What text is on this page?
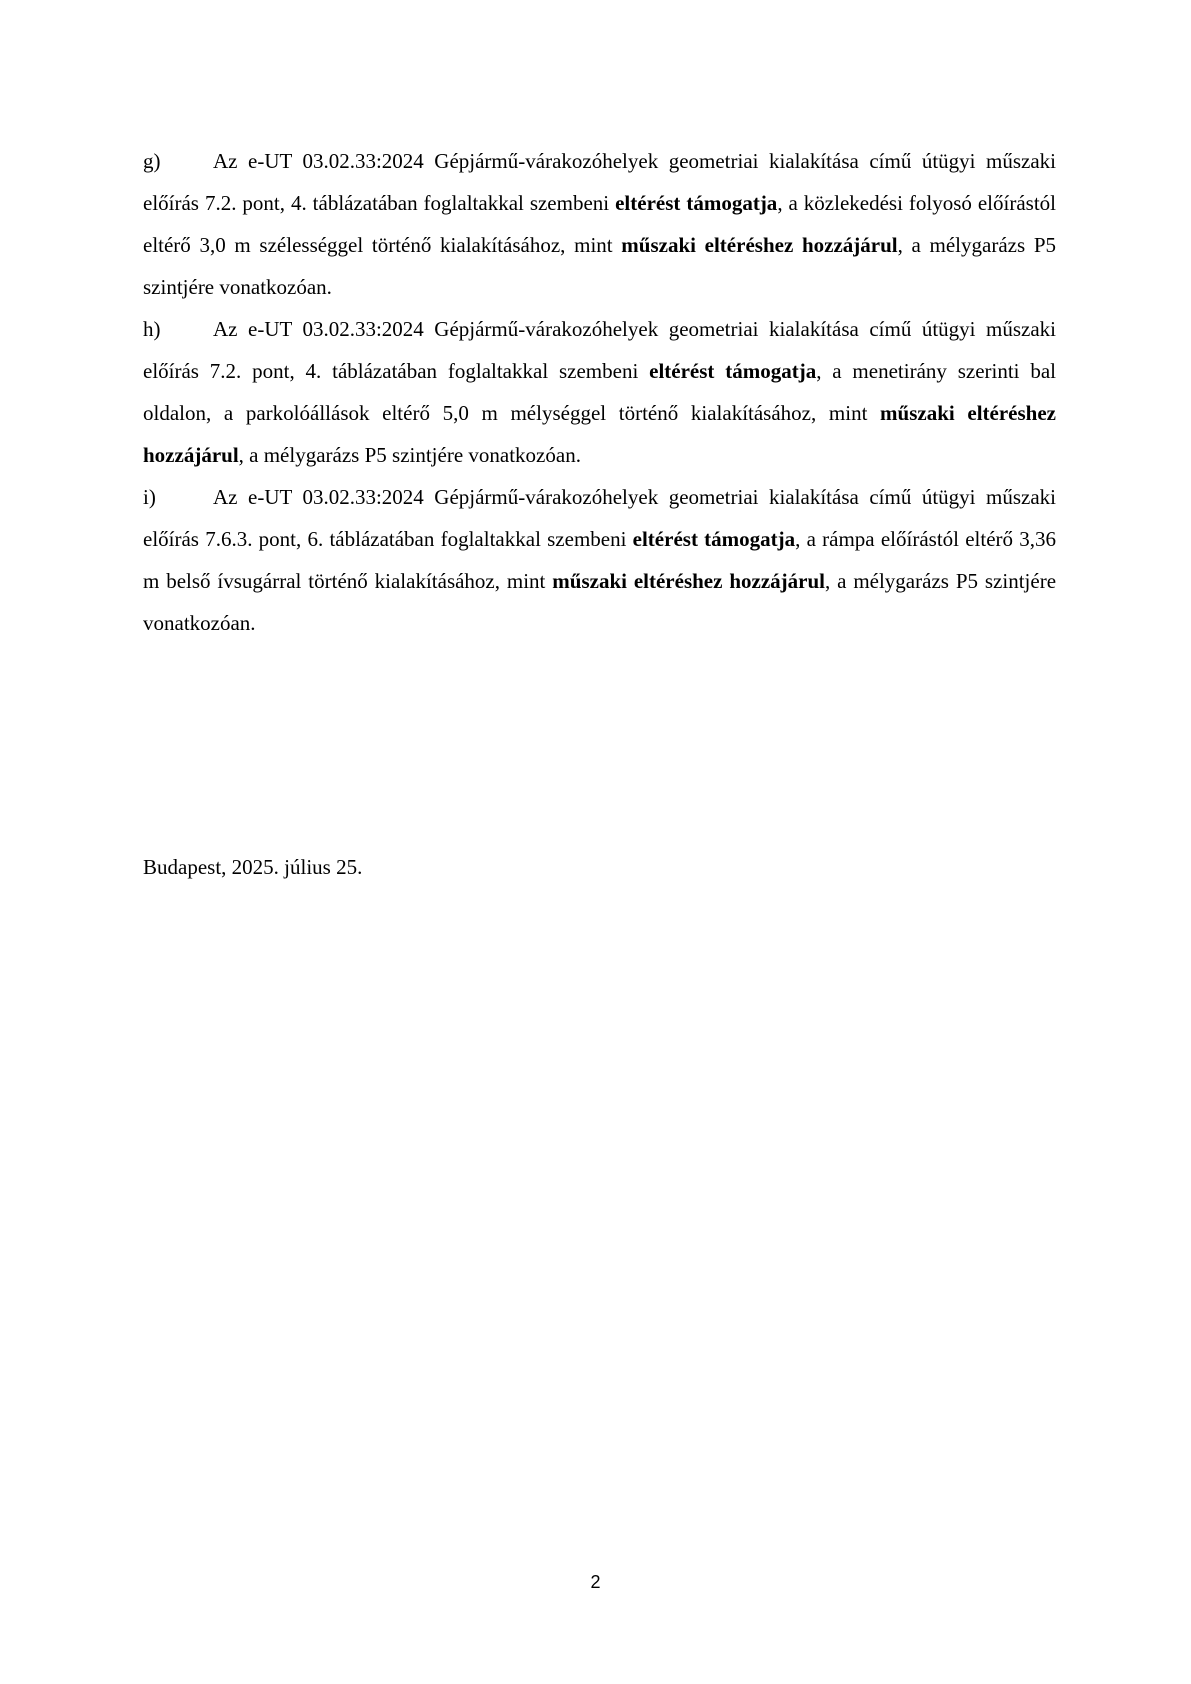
g)	Az e-UT 03.02.33:2024 Gépjármű-várakozóhelyek geometriai kialakítása című útügyi műszaki előírás 7.2. pont, 4. táblázatában foglaltakkal szembeni eltérést támogatja, a közlekedési folyosó előírástól eltérő 3,0 m szélességgel történő kialakításához, mint műszaki eltéréshez hozzájárul, a mélygarázs P5 szintjére vonatkozóan.

h)	Az e-UT 03.02.33:2024 Gépjármű-várakozóhelyek geometriai kialakítása című útügyi műszaki előírás 7.2. pont, 4. táblázatában foglaltakkal szembeni eltérést támogatja, a menetirány szerinti bal oldalon, a parkolóállások eltérő 5,0 m mélységgel történő kialakításához, mint műszaki eltéréshez hozzájárul, a mélygarázs P5 szintjére vonatkozóan.

i)	Az e-UT 03.02.33:2024 Gépjármű-várakozóhelyek geometriai kialakítása című útügyi műszaki előírás 7.6.3. pont, 6. táblázatában foglaltakkal szembeni eltérést támogatja, a rámpa előírástól eltérő 3,36 m belső ívsugárral történő kialakításához, mint műszaki eltéréshez hozzájárul, a mélygarázs P5 szintjére vonatkozóan.

Budapest, 2025. július 25.

2
